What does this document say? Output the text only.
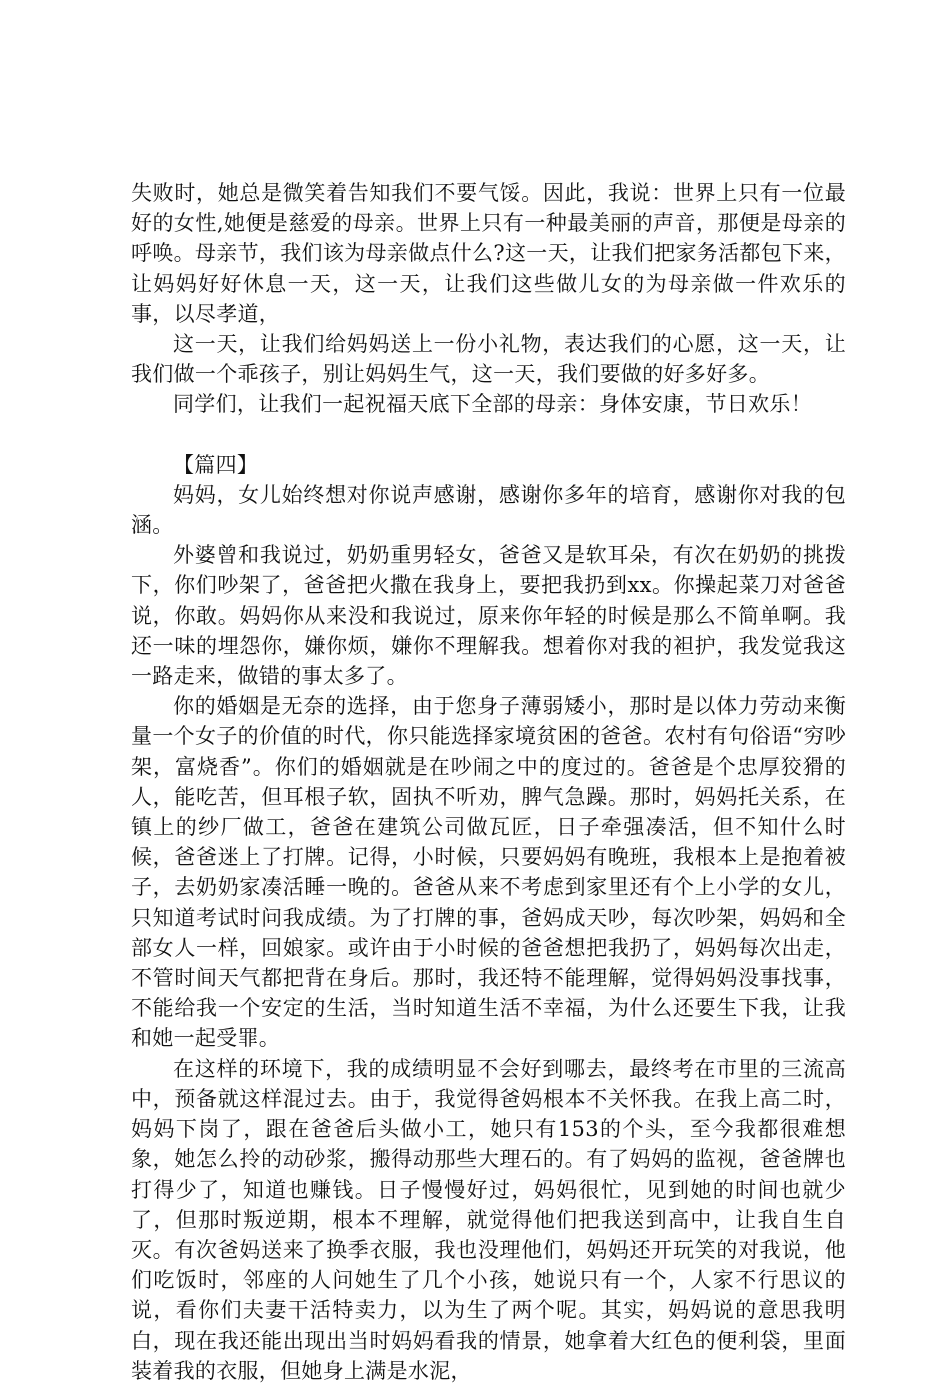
失败时，她总是微笑着告知我们不要气馁。因此，我说：世界上只有一位最好的女性,她便是慈爱的母亲。世界上只有一种最美丽的声音，那便是母亲的呼唤。母亲节，我们该为母亲做点什么?这一天，让我们把家务活都包下来，让妈妈好好休息一天，这一天，让我们这些做儿女的为母亲做一件欢乐的事，以尽孝道，

这一天，让我们给妈妈送上一份小礼物，表达我们的心愿，这一天，让我们做一个乖孩子，别让妈妈生气，这一天，我们要做的好多好多。

同学们，让我们一起祝福天底下全部的母亲：身体安康，节日欢乐！

【篇四】

妈妈，女儿始终想对你说声感谢，感谢你多年的培育，感谢你对我的包涵。

外婆曾和我说过，奶奶重男轻女，爸爸又是软耳朵，有次在奶奶的挑拨下，你们吵架了，爸爸把火撒在我身上，要把我扔到xx。你操起菜刀对爸爸说，你敢。妈妈你从来没和我说过，原来你年轻的时候是那么不简单啊。我还一味的埋怨你，嫌你烦，嫌你不理解我。想着你对我的袒护，我发觉我这一路走来，做错的事太多了。

你的婚姻是无奈的选择，由于您身子薄弱矮小，那时是以体力劳动来衡量一个女子的价值的时代，你只能选择家境贫困的爸爸。农村有句俗语“穷吵架，富烧香”。你们的婚姻就是在吵闹之中的度过的。爸爸是个忠厚狡猾的人，能吃苦，但耳根子软，固执不听劝，脾气急躁。那时，妈妈托关系，在镇上的纱厂做工，爸爸在建筑公司做瓦匠，日子牵强凑活，但不知什么时候，爸爸迷上了打牌。记得，小时候，只要妈妈有晚班，我根本上是抱着被子，去奶奶家凑活睡一晚的。爸爸从来不考虑到家里还有个上小学的女儿，只知道考试时问我成绩。为了打牌的事，爸妈成天吵，每次吵架，妈妈和全部女人一样，回娘家。或许由于小时候的爸爸想把我扔了，妈妈每次出走，不管时间天气都把背在身后。那时，我还特不能理解，觉得妈妈没事找事，不能给我一个安定的生活，当时知道生活不幸福，为什么还要生下我，让我和她一起受罪。

在这样的环境下，我的成绩明显不会好到哪去，最终考在市里的三流高中，预备就这样混过去。由于，我觉得爸妈根本不关怀我。在我上高二时，妈妈下岗了，跟在爸爸后头做小工，她只有153的个头，至今我都很难想象，她怎么拎的动砂浆，搬得动那些大理石的。有了妈妈的监视，爸爸牌也打得少了，知道也赚钱。日子慢慢好过，妈妈很忙，见到她的时间也就少了，但那时叛逆期，根本不理解，就觉得他们把我送到高中，让我自生自灭。有次爸妈送来了换季衣服，我也没理他们，妈妈还开玩笑的对我说，他们吃饭时，邻座的人问她生了几个小孩，她说只有一个，人家不行思议的说，看你们夫妻干活特卖力，以为生了两个呢。其实，妈妈说的意思我明白，现在我还能出现出当时妈妈看我的情景，她拿着大红色的便利袋，里面装着我的衣服，但她身上满是水泥，
